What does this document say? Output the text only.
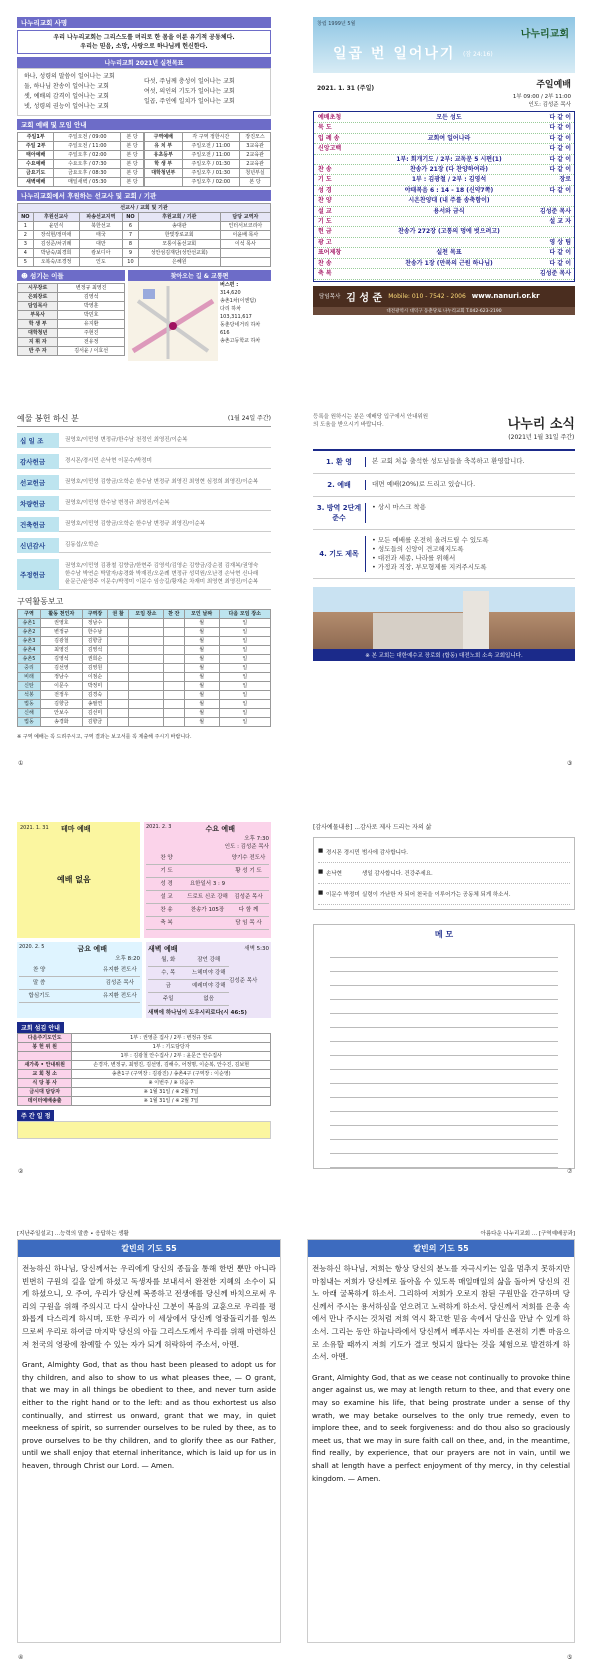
나누리교회 사명
우리 나누리교회는 그리스도를 머리로 한 몸을 이룬 유기적 공동체다.
우리는 믿음, 소망, 사랑으로 하나님께 헌신한다.
나누리교회 2021년 실천목표
하나, 성령의 말씀이 일어나는 교회
둘, 하나님 찬송이 일어나는 교회
셋, 예배의 감격이 일어나는 교회
넷, 성령의 권능이 일어나는 교회
다섯, 주님께 충성이 일어나는 교회
여섯, 의인의 기도가 일어나는 교회
일곱, 주인에 일치가 일어나는 교회
교회 예배 및 모임 안내
주일1부	주일오전 / 09:00	본 당
주일 2부	주일오전 / 11:00	본 당
태아예배	주일오후 / 02:00	본 당
수요예배	수요오후 / 07:30	본 당
금요기도	금요오후 / 08:30	본 당
새벽예배	매일새벽 / 05:30	본 당
구역예배	각 구역 정한시간	장진모스
유 치 부	주일오전 / 11:00	3교육관
유초등부	주일오전 / 11:00	2교육관
학 생 부	주일오후 / 01:30	2교육관
대학청년부	주일오후 / 01:30	청년부실
	주일오후 / 02:00	본 당
나누리교회에서 후원하는 선교사 및 교회 / 기관
선교사 / 교회 및 기관					
NO	후원선교사	파송선교지역	NO	후원교회 / 기관	담당 교역자
1	윤민식	북한선교	6	송대관	인터서브코리아
2	장석현/정미애	태국	7	한빛장로교회	이윤배 목사
3	김성준/차귀례	대만	8	모퉁이돌선교회	이석 목사
4	박남숙/최경희	캄보디아	9	성안섬김재단(성안선교회)	
5	오복숙/조경정	인도	10	은혜원	
☻ 섬기는 이들
시무장로	변정규 최영진
은퇴장로	김영석
담임목사	박영훈
부목사	박민호
학 생 부	유지환
대학청년	주현진
지 휘 자	전유정
반 주 자	김서윤 / 이효선
찾아오는 길 & 교통편
버스편 :
314,620
송촌1차(이엔텀)
다리 하차
103,311,617
동춘당네거리 하차
616
송촌고등학교 하차
창립 1999년 5월
나누리교회
일곱 번 일어나기 (잠 24:16)
2021. 1. 31 (주일)	주일예배
1부 09:00 / 2부 11:00
인도: 김성준 목사
예배초청	모든 성도	다 같 이
묵 도	다 같 이
입 례 송	교회여 일어나라	다 같 이
신앙고백	다 같 이
1부: 회개기도 / 2부: 교독문 5 시편(1)	다 같 이
찬 송	찬송가 21장 (다 찬양하여라)	다 같 이
기 도	1부 : 김광철 / 2부 : 김영석	장로
성 경	야태복음 6 : 14 - 18 (신약7쪽)	다 같 이
찬 양	시온찬양대 (내 주를 송축함이)
설 교	용서와 금식	김성준 목사
기 도	설 교 자
헌 금	찬송가 272장 (고통의 멍에 벗으려고)
광 고	영 상 팀
표어제창	실천 목표	다 같 이
찬 송	찬송가 1장 (만복의 근원 하나님)	다 같 이
축 복	김성준 목사
담임목사 김 성 준 Mobile: 010 - 7542 - 2006 www.nanuri.or.kr
대전광역시 대덕구 동춘당로 나누리교회 T.042-623-2190
예물 봉헌 하신 분	(1월 24일 주간)
십 일 조	권영호/이민영 변정규/한수남 천정인 최영진/이순복
감사헌금	경시몬/경시민 손낙현 이문수/박정미
선교헌금	권영호/이민영 김향금/오학순 한수남 변정규 최영진 최영현 심정희 최영진/이순복
차량헌금	권영호/이민영 한수남 변정규 최영진/이순복
건축헌금	권영호/이민영 김향금/오학순 한수남 변정규 최영진/이순복
신년감사	김동섭/오학순
주정헌금
권영호/이민영 김광철 김향금/한현주 김영석/김영순 김향금/강순점 김재복/권영숙 한수남 박연순 박말자/송경화 박재진/오운례 변정규 성덕원/오난경 손낙현 신나래 윤문근/윤영주 이문수/박정미 이문수 임승길/황재순 차재미 최영현 최영진/이순복
구역활동보고
구역	활동 천인자	구역장	권 찰	모임 장소	찬 잔	모인 날짜	다음 모임 장소
송촌1	권영호	정남수				월	일
송촌2	변정규	한수남				월	일
송촌3	김광철	김향금				월	일
송촌4	최영진	김영석				월	일
송촌5	김영석	권희순				월	일
중리	김선영	김영원				월	일
비래	정남수	이점순				월	일
신탄	이문수	박정미				월	일
석봉	전정우	김경숙				월	일
법동	김향금	송필연				월	일
신해	안보수	김선미				월	일
법동	송경화	김향금				월	일
※ 구역 예배는 꼭 드려주시고, 구역 결과는 보고서를 꼭 제출해 주시기 바랍니다.
등록을 원하시는 분은 예배당 입구에서 안내위원의 도움을 받으시기 바랍니다.	나누리 소식
(2021년 1월 31일 주간)
1. 환 영	본 교회 처음 출석한 성도님들을 축복하고 환영합니다.
2. 예배	대면 예배(20%)로 드리고 있습니다.
3. 방역 2단계 준수
• 상시 마스크 착용
4. 기도 제목
• 모든 예배를 온전히 올려드릴 수 있도록
• 성도들의 신앙이 견고해지도록
• 대전과 세종, 나라를 위해서
• 가정과 직장, 부모형제를 지켜주시도록
※ 본 교회는 대한예수교 장로회 (합동) 대전노회 소속 교회입니다.
2021. 1. 31 테마 예배
예배 없음
2021. 2. 3	수요 예배
오후 7:30
인도 : 김성준 목사
찬 양	양기수 전도사
기 도	황 성 기 도
성 경	요한일서 3 : 9
설 교	드로트 신조 강해	김성준 목사
찬 송	찬송가 105장	다 함 께
축 복	담 임 목 사
2020. 2. 5	금요 예배
오후 8:20
찬 양	유지환 전도사
말 씀	김성준 목사
합심기도	유지환 전도사
새벽 예배	새벽 5:30
월, 화	잠언 강해
수, 목	느헤미야 강해
금	예레미야 강해
주일	없음
김성준 목사
새벽에 하나님이 도우시리로다(시 46:5)
교회 섬김 안내
다음주기도인도	1부 : 권영준 집사 / 2부 : 변정규 장로
봉 헌 위 원	1부 : 기도담당자
	1부 : 김광철 안수집사 / 2부 : 윤문근 안수집사
새가족 • 안내위원	손경자, 변정규, 최영진, 김선영, 김해수, 어정명, 이순복, 안수진, 김보현
교 회 청 소	송촌1구 (구역장 : 김광진) / 송촌4구 (구역장 : 이순영)
식 당 봉 사	※ 이번주 / ※ 다음주
금시대 담당자	※ 1월 31일 / ※ 2월 7일
데이터예배송출	※ 1월 31일 / ※ 2월 7일
주 간 일 정
[감사예물내용] ...감사로 제사 드리는 자의 삶
■ 경시몬 경시민 범사에 감사합니다.
■ 손낙현	생일 감사합니다. 건강주세요.
■ 이문수 박정미 실령이 가난한 자 되어 천국을 이루어가는 공동체 되게 하소서.
메 모
[지난주일설교] ...능력의 말씀 • 응답하는 생활
칼빈의 기도 55
전능하신 하나님, 당신께서는 우리에게 당신의 종들을 통해 한번 뿐만 아니라 빈번히 구원의 길을 알게 하셨고 독생자를 보내셔서 완전한 지혜의 소수이 되게 하셨으니, 오 주여, 우리가 당신께 복종하고 전생애를 당신께 바치으로써 우리의 구원을 위해 주의시고 다시 살아나신 그분이 복음의 교훈으로 우리를 평화롭게 다스리게 하시며, 또한 우리가 이 세상에서 당신께 영광돌리기를 힘쓰므로써 우리로 하여금 마지막 당신의 아들 그리스도께서 우리를 위해 마련하신 저 천국의 영광에 참예할 수 있는 자가 되게 허락하여 주소서, 아멘.
Grant, Almighty God, that as thou hast been pleased to adopt us for thy children, and also to show to us what pleases thee, — O grant, that we may in all things be obedient to thee, and never turn aside either to the right hand or to the left: and as thou exhortest us also continually, and stirrest us onward, grant that we may, in quiet meekness of spirit, so surrender ourselves to be ruled by thee, as to prove ourselves to be thy children, and to glorify thee as our Father, until we shall enjoy that eternal inheritance, which is laid up for us in heaven, through Christ our Lord. — Amen.
아름다운 나누리교회 ... [구역예배공과]
칼빈의 기도 55
전능하신 하나님, 저희는 항상 당신의 분노를 자극시키는 일을 멈추지 못하지만 마침내는 저희가 당신께로 돌아올 수 있도록 매일매일의 삶을 돌아켜 당신의 진노 아래 굴복하게 하소서. 그리하여 저희가 오로지 참된 구원만을 간구하며 당신께서 주시는 용서하심을 얻으려고 노력하게 하소서. 당신께서 저희를 은총 속에서 만나 주시는 것처럼 저희 역시 확고한 믿음 속에서 당신을 만날 수 있게 하소서. 그리는 동안 하늘나라에서 당신께서 베푸시는 자비를 온전히 기쁜 마음으로 소유할 때까지 저희 기도가 결코 헛되지 않다는 것을 체험으로 발견하게 하소서. 아멘.
Grant, Almighty God, that as we cease not continually to provoke thine anger against us, we may at length return to thee, and that every one may so examine his life, that being prostrate under a sense of thy wrath, we may betake ourselves to the only true remedy, even to implore thee, and to seek forgiveness: and do thou also so graciously meet us, that we may in sure faith call on thee, and, in the meantime, find really, by experience, that our prayers are not in vain, until we shall at length have a perfect enjoyment of thy mercy, in thy celestial kingdom. — Amen.
①	③
②	⑦
④	⑤
